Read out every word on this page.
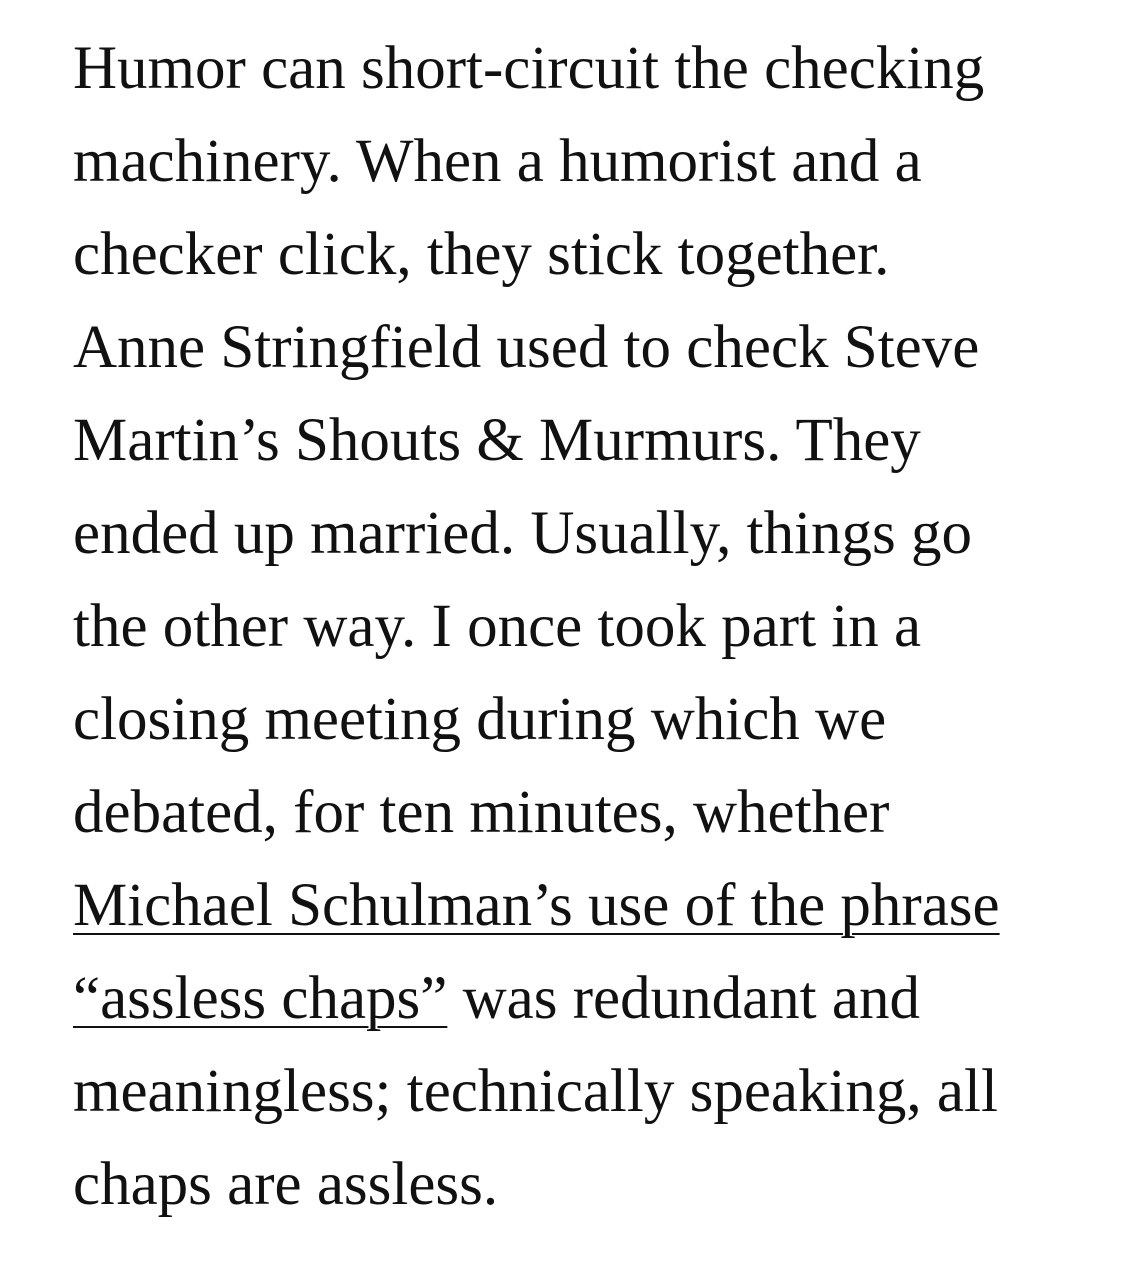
Humor can short-circuit the checking
machinery. When a humorist and a
checker click, they stick together.
Anne Stringfield used to check Steve
Martin’s Shouts & Murmurs. They
ended up married. Usually, things go
the other way. I once took part in a
closing meeting during which we
debated, for ten minutes, whether
Michael Schulman’s use of the phrase
“assless chaps” was redundant and
meaningless; technically speaking, all
chaps are assless.
